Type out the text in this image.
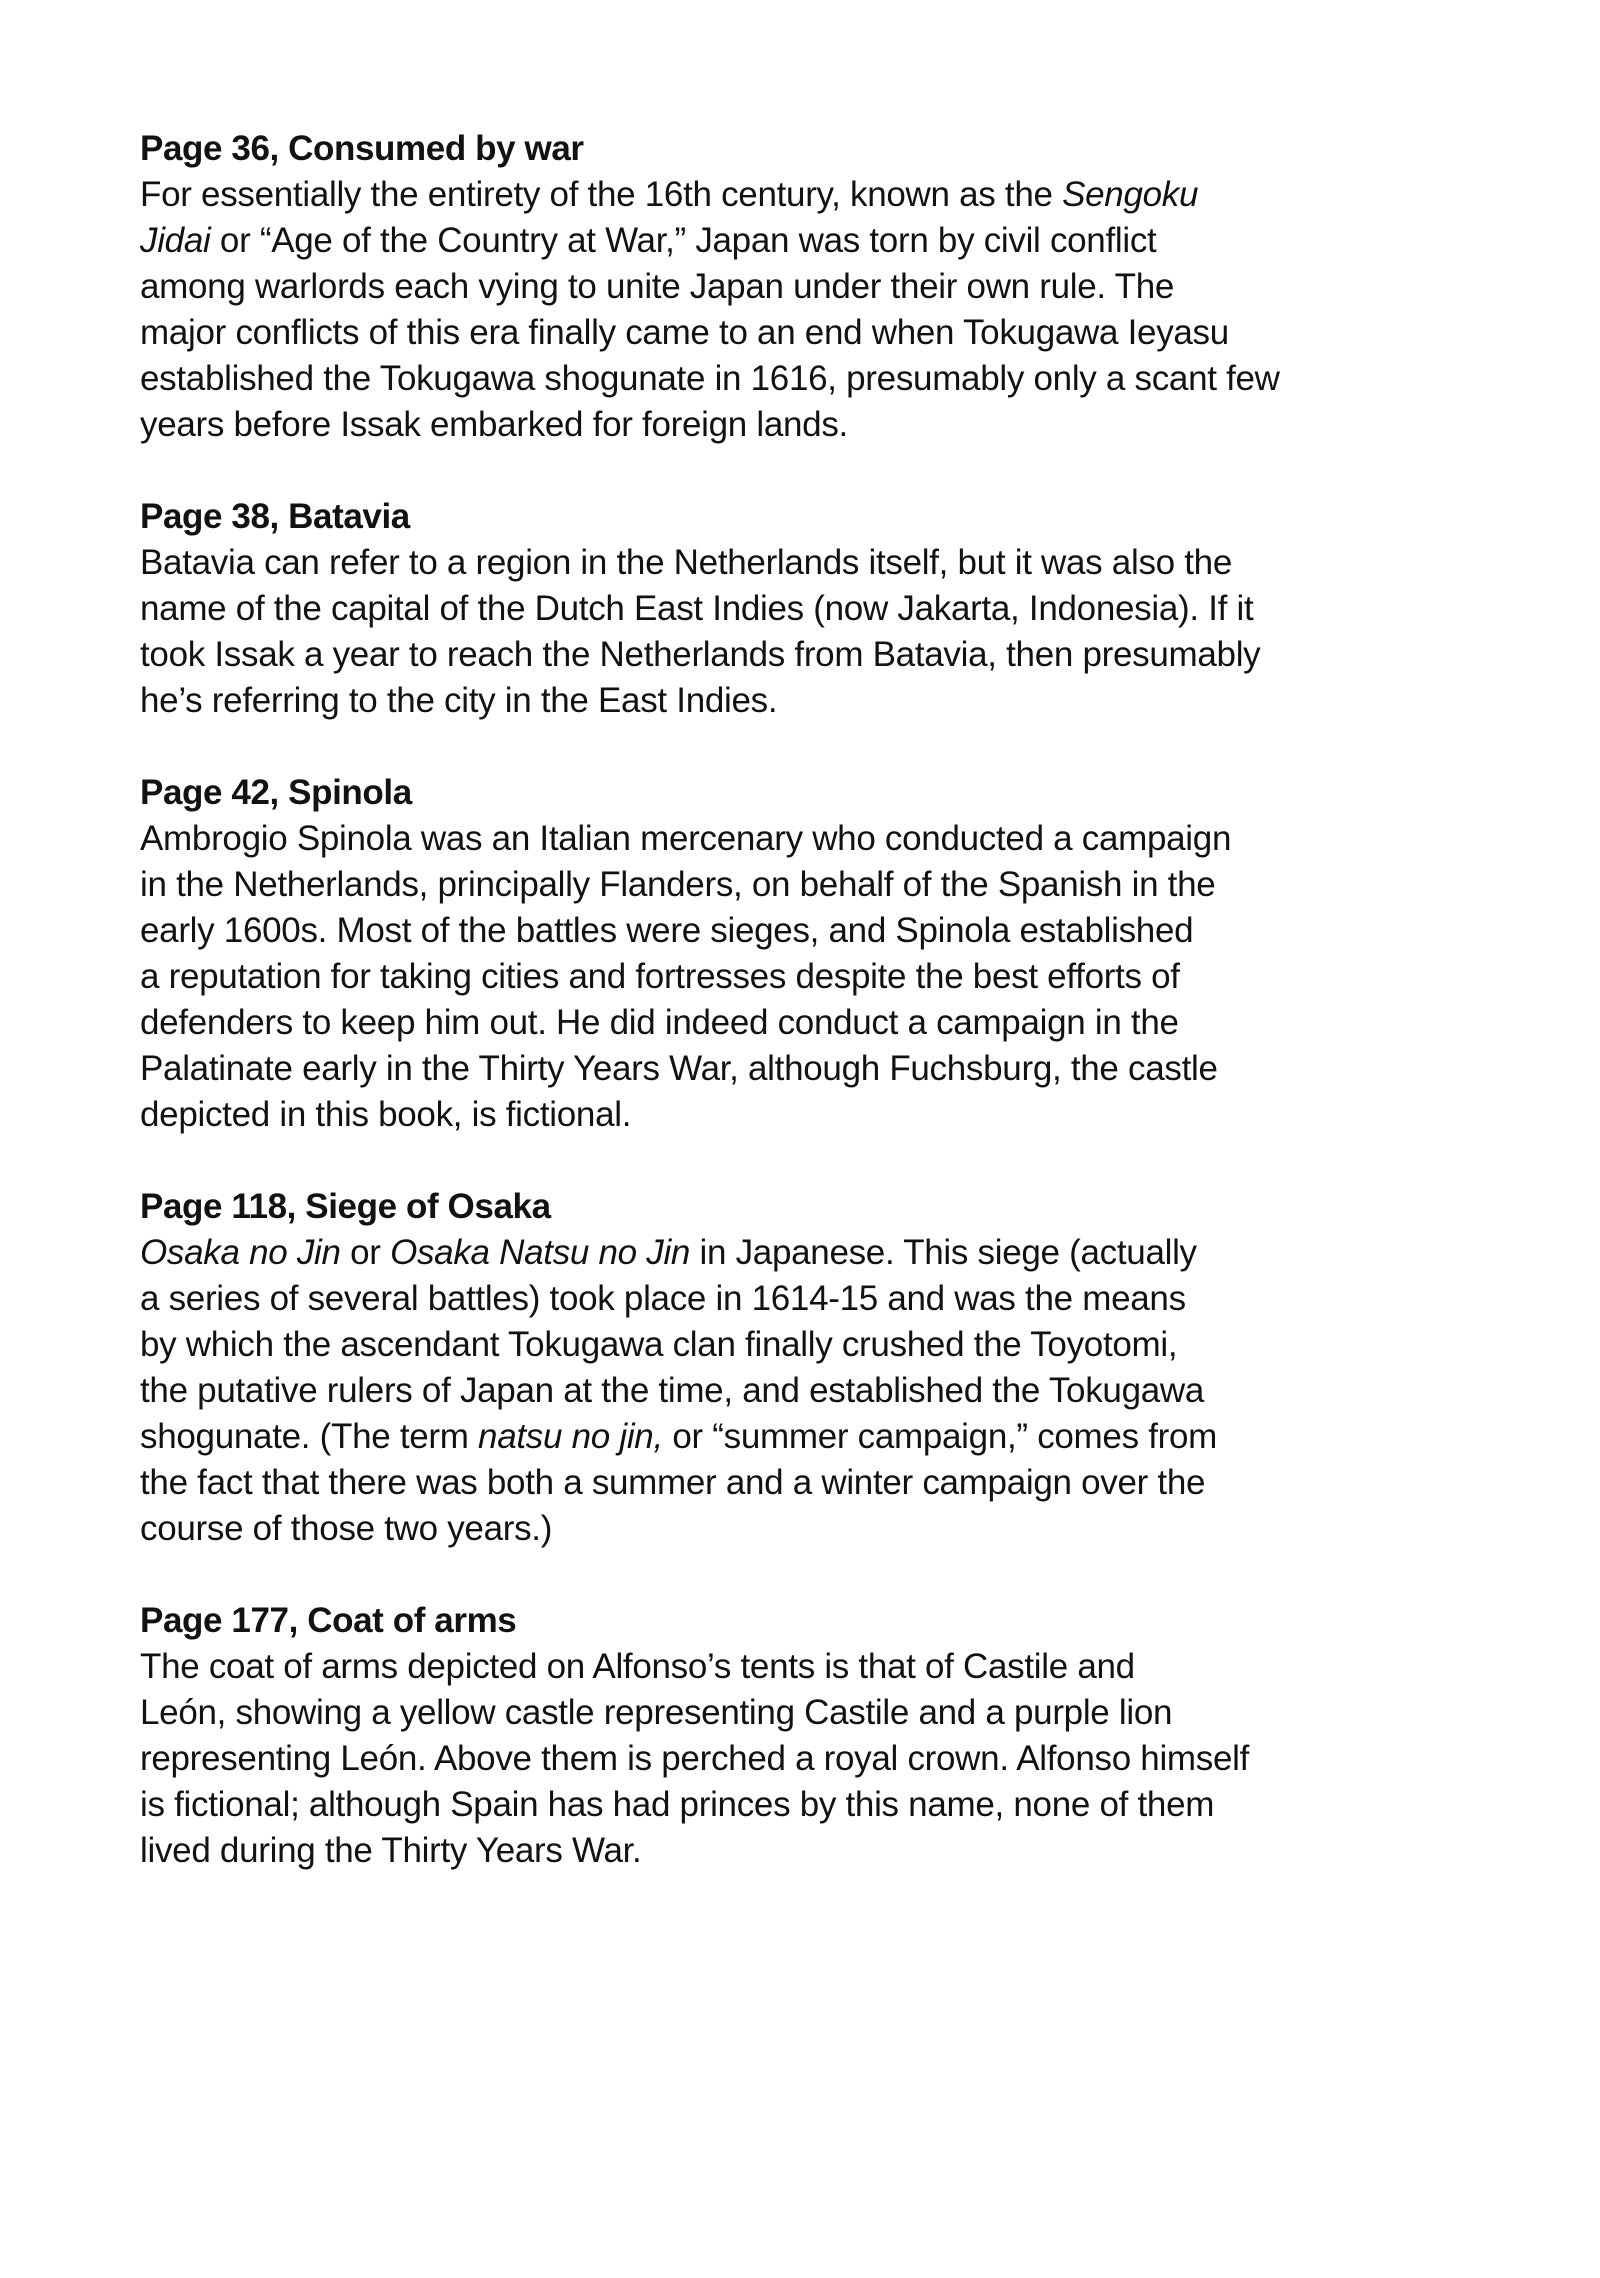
Page 36, Consumed by war

For essentially the entirety of the 16th century, known as the Sengoku

Jidai or “Age of the Country at War,” Japan was torn by civil conflict

among warlords each vying to unite Japan under their own rule. The

major conflicts of this era finally came to an end when Tokugawa Ieyasu

established the Tokugawa shogunate in 1616, presumably only a scant few

years before Issak embarked for foreign lands.

Page 38, Batavia

Batavia can refer to a region in the Netherlands itself, but it was also the

name of the capital of the Dutch East Indies (now Jakarta, Indonesia). If it

took Issak a year to reach the Netherlands from Batavia, then presumably

he’s referring to the city in the East Indies.

Page 42, Spinola

Ambrogio Spinola was an Italian mercenary who conducted a campaign

in the Netherlands, principally Flanders, on behalf of the Spanish in the

early 1600s. Most of the battles were sieges, and Spinola established

a reputation for taking cities and fortresses despite the best efforts of

defenders to keep him out. He did indeed conduct a campaign in the

Palatinate early in the Thirty Years War, although Fuchsburg, the castle

depicted in this book, is fictional.

Page 118, Siege of Osaka

Osaka no Jin or Osaka Natsu no Jin in Japanese. This siege (actually

a series of several battles) took place in 1614-15 and was the means

by which the ascendant Tokugawa clan finally crushed the Toyotomi,

the putative rulers of Japan at the time, and established the Tokugawa

shogunate. (The term natsu no jin, or “summer campaign,” comes from

the fact that there was both a summer and a winter campaign over the

course of those two years.)

Page 177, Coat of arms

The coat of arms depicted on Alfonso’s tents is that of Castile and

León, showing a yellow castle representing Castile and a purple lion

representing León. Above them is perched a royal crown. Alfonso himself

is fictional; although Spain has had princes by this name, none of them

lived during the Thirty Years War.
